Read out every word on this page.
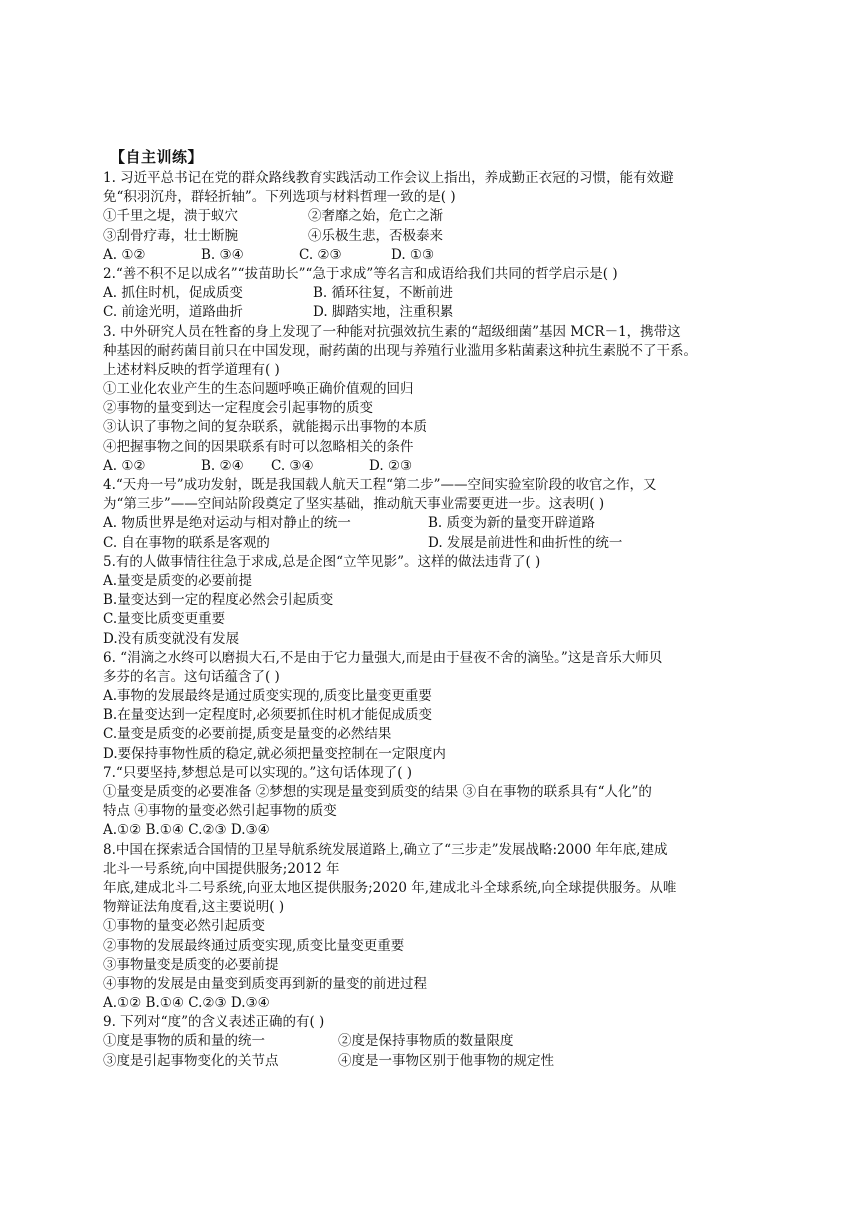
【自主训练】
1. 习近平总书记在党的群众路线教育实践活动工作会议上指出，养成勤正衣冠的习惯，能有效避
免“积羽沉舟，群轻折轴”。下列选项与材料哲理一致的是( )
①千里之堤，溃于蚁穴	②奢靡之始，危亡之渐
③刮骨疗毒，壮士断腕	④乐极生悲，否极泰来
A. ①②	B. ③④	C. ②③	D. ①③
2.“善不积不足以成名”“拔苗助长”“急于求成”等名言和成语给我们共同的哲学启示是( )
A. 抓住时机，促成质变	B. 循环往复，不断前进
C. 前途光明，道路曲折	D. 脚踏实地，注重积累
3. 中外研究人员在牲畜的身上发现了一种能对抗强效抗生素的“超级细菌”基因 MCR－1，携带这
种基因的耐药菌目前只在中国发现，耐药菌的出现与养殖行业滥用多粘菌素这种抗生素脱不了干系。
上述材料反映的哲学道理有( )
①工业化农业产生的生态问题呼唤正确价值观的回归
②事物的量变到达一定程度会引起事物的质变
③认识了事物之间的复杂联系，就能揭示出事物的本质
④把握事物之间的因果联系有时可以忽略相关的条件
A. ①②	B. ②④ C. ③④	D. ②③
4.“天舟一号”成功发射，既是我国载人航天工程“第二步”——空间实验室阶段的收官之作，又
为“第三步”——空间站阶段奠定了坚实基础，推动航天事业需要更进一步。这表明( )
A. 物质世界是绝对运动与相对静止的统一	B. 质变为新的量变开辟道路
C. 自在事物的联系是客观的	D. 发展是前进性和曲折性的统一
5.有的人做事情往往急于求成,总是企图“立竿见影”。这样的做法违背了( )
A.量变是质变的必要前提
B.量变达到一定的程度必然会引起质变
C.量变比质变更重要
D.没有质变就没有发展
6. “涓滴之水终可以磨损大石,不是由于它力量强大,而是由于昼夜不舍的滴坠。”这是音乐大师贝
多芬的名言。这句话蕴含了( )
A.事物的发展最终是通过质变实现的,质变比量变更重要
B.在量变达到一定程度时,必须要抓住时机才能促成质变
C.量变是质变的必要前提,质变是量变的必然结果
D.要保持事物性质的稳定,就必须把量变控制在一定限度内
7.“只要坚持,梦想总是可以实现的。”这句话体现了( )
①量变是质变的必要准备 ②梦想的实现是量变到质变的结果 ③自在事物的联系具有“人化”的
特点 ④事物的量变必然引起事物的质变
A.①② B.①④ C.②③ D.③④
8.中国在探索适合国情的卫星导航系统发展道路上,确立了“三步走”发展战略:2000 年年底,建成
北斗一号系统,向中国提供服务;2012 年
年底,建成北斗二号系统,向亚太地区提供服务;2020 年,建成北斗全球系统,向全球提供服务。从唯
物辩证法角度看,这主要说明( )
①事物的量变必然引起质变
②事物的发展最终通过质变实现,质变比量变更重要
③事物量变是质变的必要前提
④事物的发展是由量变到质变再到新的量变的前进过程
A.①② B.①④ C.②③ D.③④
9. 下列对“度”的含义表述正确的有( )
①度是事物的质和量的统一	②度是保持事物质的数量限度
③度是引起事物变化的关节点	④度是一事物区别于他事物的规定性
